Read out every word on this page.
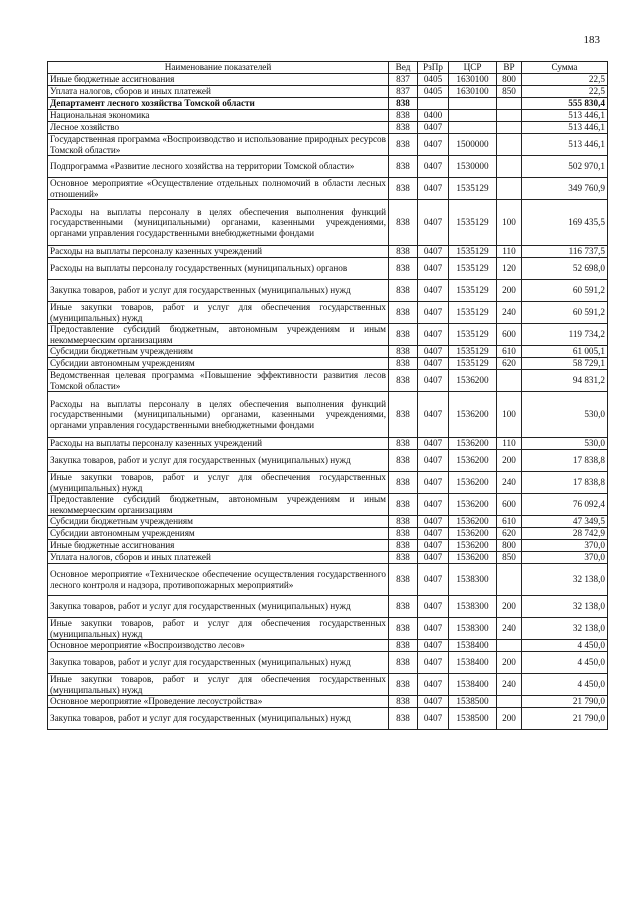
183
Наименование показателей	Вед	РзПр	ЦСР	ВР	Сумма
Иные бюджетные ассигнования	837	0405	1630100	800	22,5
Уплата налогов, сборов и иных платежей	837	0405	1630100	850	22,5
Департамент лесного хозяйства Томской области	838				555 830,4
Национальная экономика	838	0400			513 446,1
Лесное хозяйство	838	0407			513 446,1
Государственная программа «Воспроизводство и использование природных ресурсов Томской области»	838	0407	1500000		513 446,1
Подпрограмма «Развитие лесного хозяйства на территории Томской области»	838	0407	1530000		502 970,1
Основное мероприятие «Осуществление отдельных полномочий в области лесных отношений»	838	0407	1535129		349 760,9
Расходы на выплаты персоналу в целях обеспечения выполнения функций государственными (муниципальными) органами, казенными учреждениями, органами управления государственными внебюджетными фондами	838	0407	1535129	100	169 435,5
Расходы на выплаты персоналу казенных учреждений	838	0407	1535129	110	116 737,5
Расходы на выплаты персоналу государственных (муниципальных) органов	838	0407	1535129	120	52 698,0
Закупка товаров, работ и услуг для государственных (муниципальных) нужд	838	0407	1535129	200	60 591,2
Иные закупки товаров, работ и услуг для обеспечения государственных (муниципальных) нужд	838	0407	1535129	240	60 591,2
Предоставление субсидий бюджетным, автономным учреждениям и иным некоммерческим организациям	838	0407	1535129	600	119 734,2
Субсидии бюджетным учреждениям	838	0407	1535129	610	61 005,1
Субсидии автономным учреждениям	838	0407	1535129	620	58 729,1
Ведомственная целевая программа «Повышение эффективности развития лесов Томской области»	838	0407	1536200		94 831,2
Расходы на выплаты персоналу в целях обеспечения выполнения функций государственными (муниципальными) органами, казенными учреждениями, органами управления государственными внебюджетными фондами	838	0407	1536200	100	530,0
Расходы на выплаты персоналу казенных учреждений	838	0407	1536200	110	530,0
Закупка товаров, работ и услуг для государственных (муниципальных) нужд	838	0407	1536200	200	17 838,8
Иные закупки товаров, работ и услуг для обеспечения государственных (муниципальных) нужд	838	0407	1536200	240	17 838,8
Предоставление субсидий бюджетным, автономным учреждениям и иным некоммерческим организациям	838	0407	1536200	600	76 092,4
Субсидии бюджетным учреждениям	838	0407	1536200	610	47 349,5
Субсидии автономным учреждениям	838	0407	1536200	620	28 742,9
Иные бюджетные ассигнования	838	0407	1536200	800	370,0
Уплата налогов, сборов и иных платежей	838	0407	1536200	850	370,0
Основное мероприятие «Техническое обеспечение осуществления государственного лесного контроля и надзора, противопожарных мероприятий»	838	0407	1538300		32 138,0
Закупка товаров, работ и услуг для государственных (муниципальных) нужд	838	0407	1538300	200	32 138,0
Иные закупки товаров, работ и услуг для обеспечения государственных (муниципальных) нужд	838	0407	1538300	240	32 138,0
Основное мероприятие «Воспроизводство лесов»	838	0407	1538400		4 450,0
Закупка товаров, работ и услуг для государственных (муниципальных) нужд	838	0407	1538400	200	4 450,0
Иные закупки товаров, работ и услуг для обеспечения государственных (муниципальных) нужд	838	0407	1538400	240	4 450,0
Основное мероприятие «Проведение лесоустройства»	838	0407	1538500		21 790,0
Закупка товаров, работ и услуг для государственных (муниципальных) нужд	838	0407	1538500	200	21 790,0
